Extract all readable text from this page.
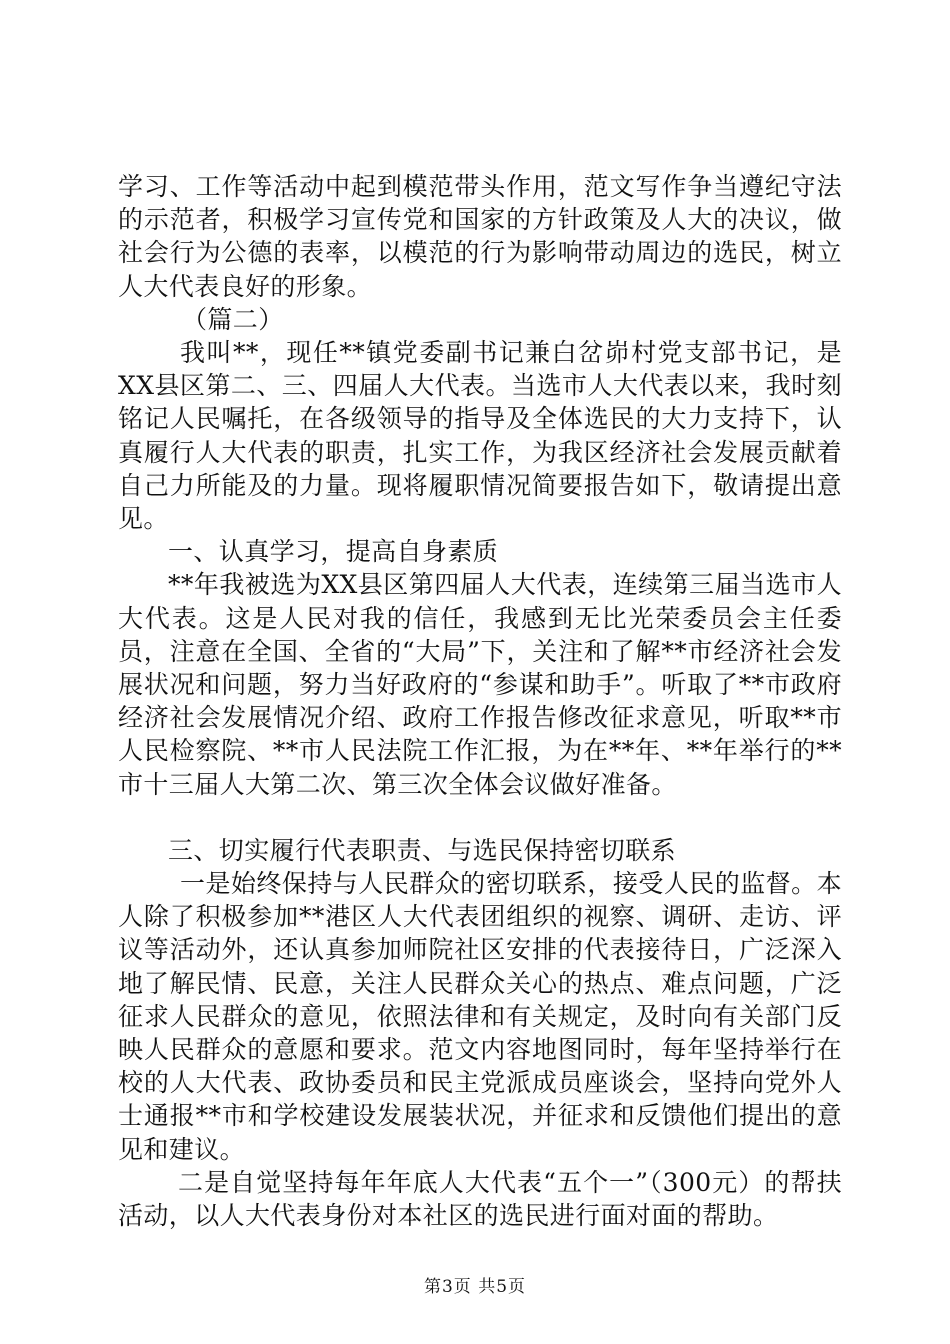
学习、工作等活动中起到模范带头作用，范文写作争当遵纪守法的示范者，积极学习宣传党和国家的方针政策及人大的决议，做社会行为公德的表率，以模范的行为影响带动周边的选民，树立人大代表良好的形象。

（篇二）

我叫**，现任**镇党委副书记兼白岔峁村党支部书记，是XX县区第二、三、四届人大代表。当选市人大代表以来，我时刻铭记人民嘱托，在各级领导的指导及全体选民的大力支持下，认真履行人大代表的职责，扎实工作，为我区经济社会发展贡献着自己力所能及的力量。现将履职情况简要报告如下，敬请提出意见。

一、认真学习，提高自身素质

**年我被选为XX县区第四届人大代表，连续第三届当选市人大代表。这是人民对我的信任，我感到无比光荣委员会主任委员，注意在全国、全省的“大局”下，关注和了解**市经济社会发展状况和问题，努力当好政府的“参谋和助手”。听取了**市政府经济社会发展情况介绍、政府工作报告修改征求意见，听取**市人民检察院、**市人民法院工作汇报，为在**年、**年举行的**市十三届人大第二次、第三次全体会议做好准备。

三、切实履行代表职责、与选民保持密切联系

一是始终保持与人民群众的密切联系，接受人民的监督。本人除了积极参加**港区人大代表团组织的视察、调研、走访、评议等活动外，还认真参加师院社区安排的代表接待日，广泛深入地了解民情、民意，关注人民群众关心的热点、难点问题，广泛征求人民群众的意见，依照法律和有关规定，及时向有关部门反映人民群众的意愿和要求。范文内容地图同时，每年坚持举行在校的人大代表、政协委员和民主党派成员座谈会，坚持向党外人士通报**市和学校建设发展装状况，并征求和反馈他们提出的意见和建议。

二是自觉坚持每年年底人大代表“五个一”（300元）的帮扶活动，以人大代表身份对本社区的选民进行面对面的帮助。

第3页 共5页
